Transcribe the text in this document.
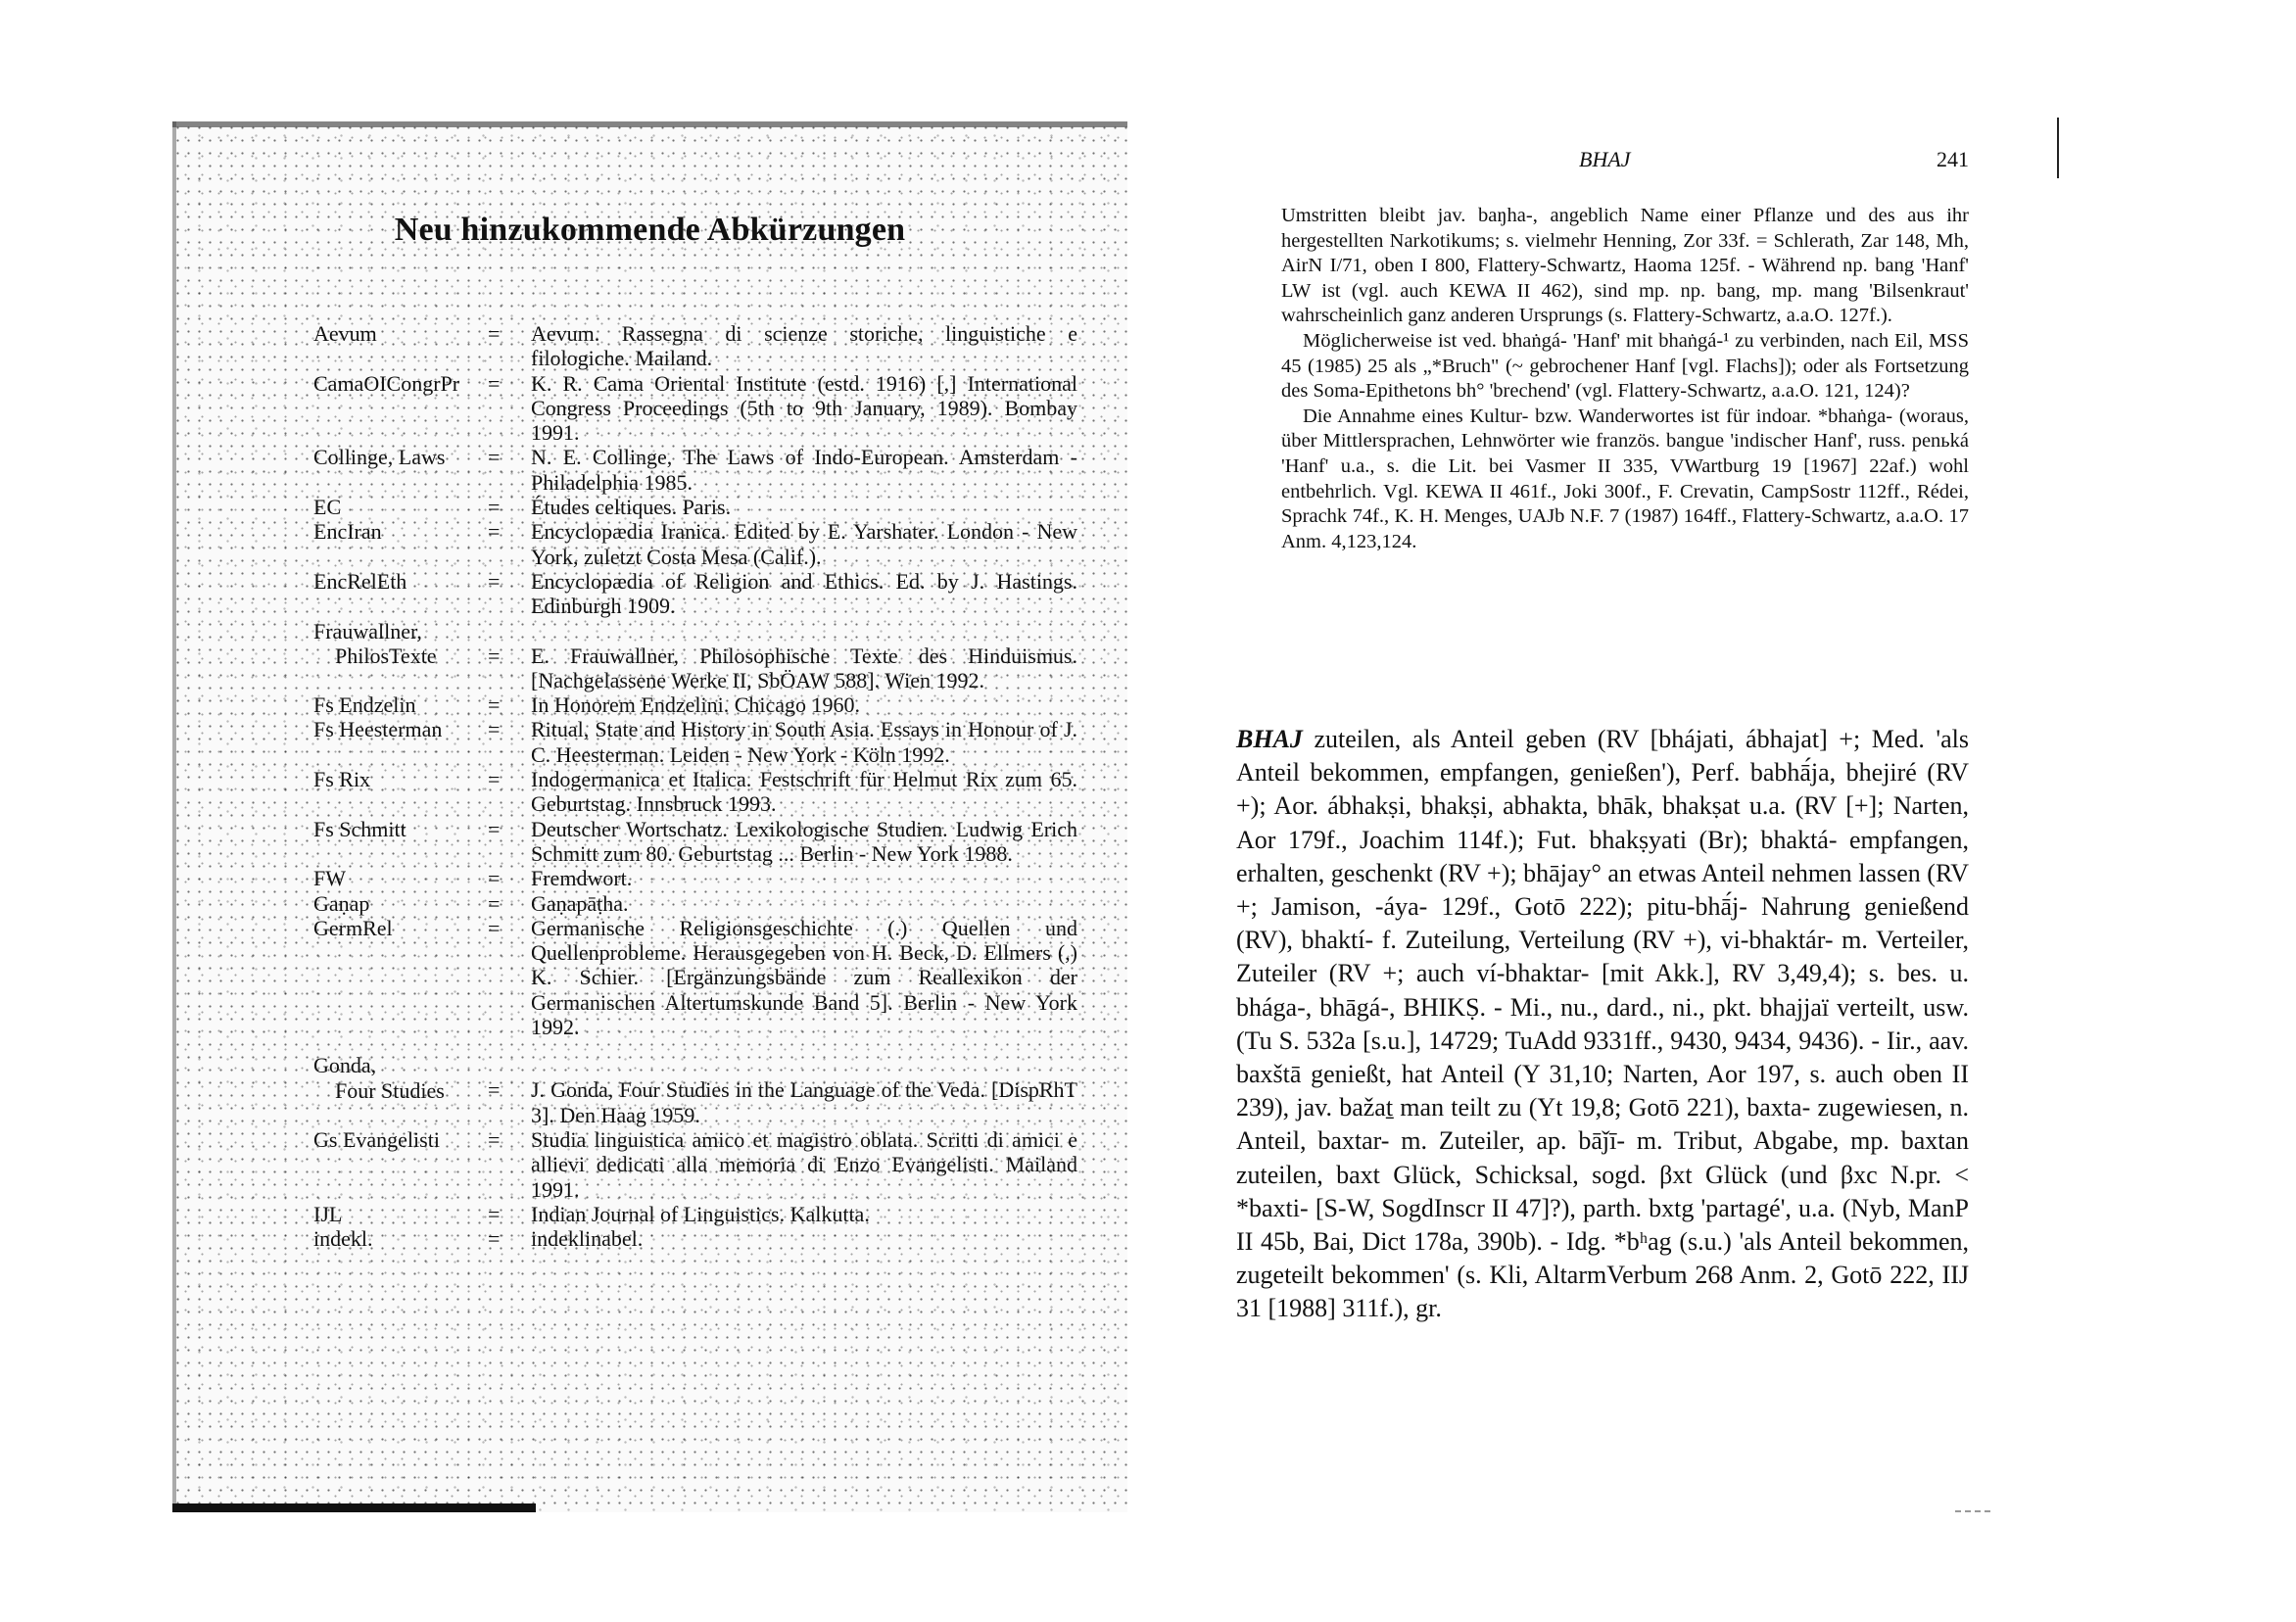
Neu hinzukommende Abkürzungen
Aevum	=	Aevum. Rassegna di scienze storiche, linguistiche e filologiche. Mailand.
CamaOICongrPr	=	K. R. Cama Oriental Institute (estd. 1916) [,] International Congress Proceedings (5th to 9th January, 1989). Bombay 1991.
Collinge, Laws	=	N. E. Collinge, The Laws of Indo-European. Amsterdam - Philadelphia 1985.
EC	=	Études celtiques. Paris.
EncIran	=	Encyclopædia Iranica. Edited by E. Yarshater. London - New York, zuletzt Costa Mesa (Calif.).
EncRelEth	=	Encyclopædia of Religion and Ethics. Ed. by J. Hastings. Edinburgh 1909.
Frauwallner,
PhilosTexte	=	E. Frauwallner, Philosophische Texte des Hinduismus. [Nachgelassene Werke II, SbÖAW 588]. Wien 1992.
Fs Endzelin	=	In Honorem Endzelini. Chicago 1960.
Fs Heesterman	=	Ritual, State and History in South Asia. Essays in Honour of J. C. Heesterman. Leiden - New York - Köln 1992.
Fs Rix	=	Indogermanica et Italica. Festschrift für Helmut Rix zum 65. Geburtstag. Innsbruck 1993.
Fs Schmitt	=	Deutscher Wortschatz. Lexikologische Studien. Ludwig Erich Schmitt zum 80. Geburtstag ... Berlin - New York 1988.
FW	=	Fremdwort.
Gaṇap	=	Gaṇapāṭha.
GermRel	=	Germanische Religionsgeschichte (.) Quellen und Quellenprobleme. Herausgegeben von H. Beck, D. Ellmers (,) K. Schier. [Ergänzungsbände zum Reallexikon der Germanischen Altertumskunde Band 5]. Berlin - New York 1992.
Gonda,
Four Studies	=	J. Gonda, Four Studies in the Language of the Veda. [DispRhT 3]. Den Haag 1959.
Gs Evangelisti	=	Studia linguistica amico et magistro oblata. Scritti di amici e allievi dedicati alla memoria di Enzo Evangelisti. Mailand 1991.
IJL	=	Indian Journal of Linguistics. Kalkutta.
indekl.	=	indeklinabel.
BHAJ	241

Umstritten bleibt jav. baŋha-, angeblich Name einer Pflanze und des aus ihr hergestellten Narkotikums; s. vielmehr Henning, Zor 33f. = Schlerath, Zar 148, Mh, AirN I/71, oben I 800, Flattery-Schwartz, Haoma 125f. - Während np. bang 'Hanf' LW ist (vgl. auch KEWA II 462), sind mp. np. bang, mp. mang 'Bilsenkraut' wahrscheinlich ganz anderen Ursprungs (s. Flattery-Schwartz, a.a.O. 127f.).

Möglicherweise ist ved. bhaṅgá- 'Hanf' mit bhaṅgá-¹ zu verbinden, nach Eil, MSS 45 (1985) 25 als „*Bruch" (~ gebrochener Hanf [vgl. Flachs]); oder als Fortsetzung des Soma-Epithetons bh° 'brechend' (vgl. Flattery-Schwartz, a.a.O. 121, 124)?

Die Annahme eines Kultur- bzw. Wanderwortes ist für indoar. *bhaṅga- (woraus, über Mittlersprachen, Lehnwörter wie französ. bangue 'indischer Hanf', russ. penьká 'Hanf' u.a., s. die Lit. bei Vasmer II 335, VWartburg 19 [1967] 22af.) wohl entbehrlich. Vgl. KEWA II 461f., Joki 300f., F. Crevatin, CampSostr 112ff., Rédei, Sprachk 74f., K. H. Menges, UAJb N.F. 7 (1987) 164ff., Flattery-Schwartz, a.a.O. 17 Anm. 4,123,124.

BHAJ zuteilen, als Anteil geben (RV [bhájati, ábhajat] +; Med. 'als Anteil bekommen, empfangen, genießen'), Perf. babhā́ja, bhejiré (RV +); Aor. ábhakṣi, bhakṣi, abhakta, bhāk, bhakṣat u.a. (RV [+]; Narten, Aor 179f., Joachim 114f.); Fut. bhakṣyati (Br); bhaktá- empfangen, erhalten, geschenkt (RV +); bhājay° an etwas Anteil nehmen lassen (RV +; Jamison, -áya- 129f., Gotō 222); pitu-bhā́j- Nahrung genießend (RV), bhaktí- f. Zuteilung, Verteilung (RV +), vi-bhaktár- m. Verteiler, Zuteiler (RV +; auch ví-bhaktar- [mit Akk.], RV 3,49,4); s. bes. u. bhága-, bhāgá-, BHIKṢ. - Mi., nu., dard., ni., pkt. bhajjaï verteilt, usw. (Tu S. 532a [s.u.], 14729; TuAdd 9331ff., 9430, 9434, 9436). - Iir., aav. baxštā genießt, hat Anteil (Y 31,10; Narten, Aor 197, s. auch oben II 239), jav. bažaṯ man teilt zu (Yt 19,8; Gotō 221), baxta- zugewiesen, n. Anteil, baxtar- m. Zuteiler, ap. bāǰī- m. Tribut, Abgabe, mp. baxtan zuteilen, baxt Glück, Schicksal, sogd. βxt Glück (und βxc N.pr. < *baxti- [S-W, SogdInscr II 47]?), parth. bxtg 'partagé', u.a. (Nyb, ManP II 45b, Bai, Dict 178a, 390b). - Idg. *bʰag (s.u.) 'als Anteil bekommen, zugeteilt bekommen' (s. Kli, AltarmVerbum 268 Anm. 2, Gotō 222, IIJ 31 [1988] 311f.), gr.
